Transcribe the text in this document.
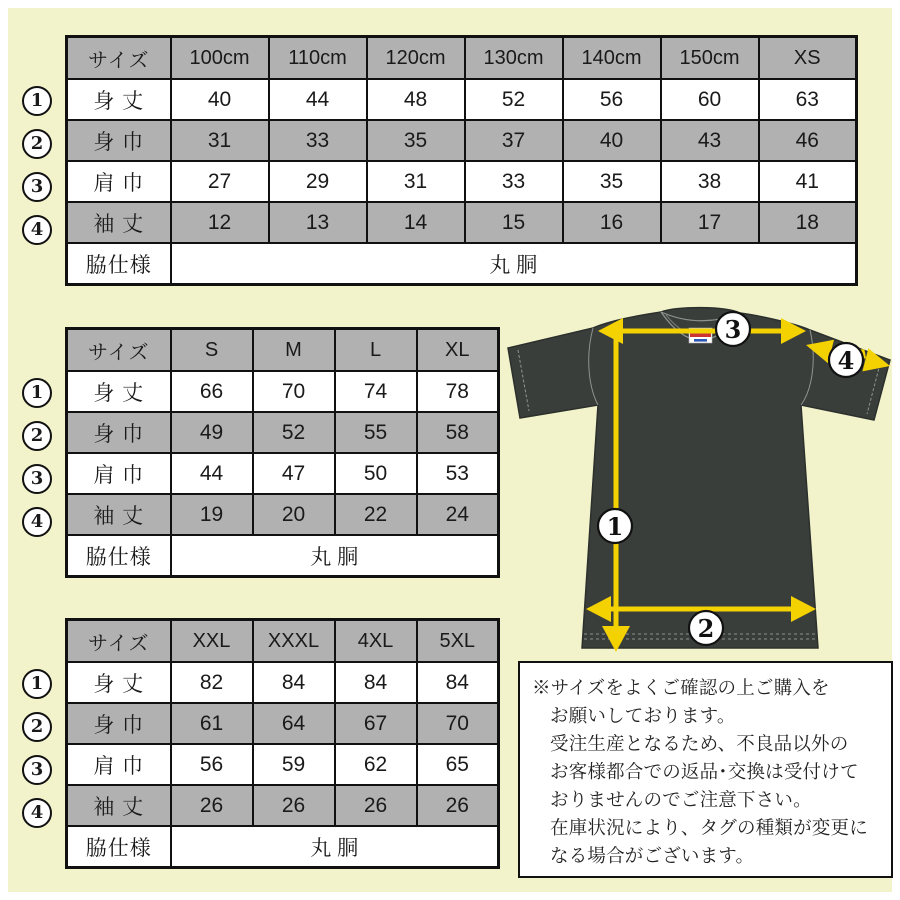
1
2
3
4
サイズ	100cm	110cm	120cm	130cm	140cm	150cm	XS
身 丈	40	44	48	52	56	60	63
身 巾	31	33	35	37	40	43	46
肩 巾	27	29	31	33	35	38	41
袖 丈	12	13	14	15	16	17	18
脇仕様	丸 胴						
1
2
3
4
サイズ	S	M	L	XL
身 丈	66	70	74	78
身 巾	49	52	55	58
肩 巾	44	47	50	53
袖 丈	19	20	22	24
脇仕様	丸 胴			
1
2
3
4
サイズ	XXL	XXXL	4XL	5XL
身 丈	82	84	84	84
身 巾	61	64	67	70
肩 巾	56	59	62	65
袖 丈	26	26	26	26
脇仕様	丸 胴			
3
4
1
2
※サイズをよくご確認の上ご購入を
お願いしております。
受注生産となるため、不良品以外の
お客様都合での返品･交換は受付けて
おりませんのでご注意下さい。
在庫状況により、タグの種類が変更に
なる場合がございます。
